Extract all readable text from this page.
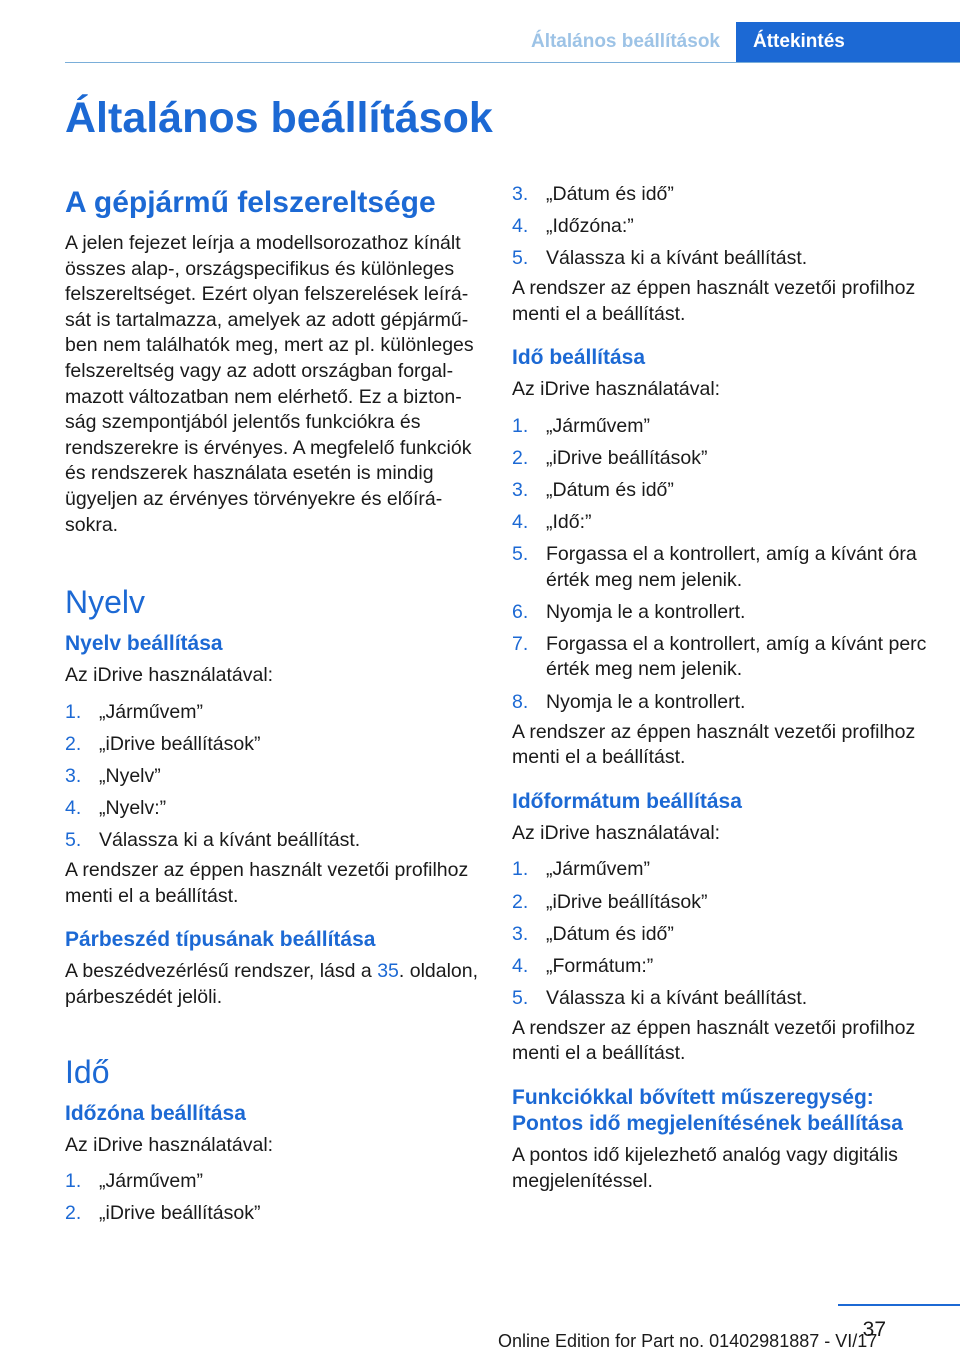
Általános beállítások Áttekintés
Általános beállítások
A gépjármű felszereltsége

A jelen fejezet leírja a modellsorozathoz kínált összes alap-, országspecifikus és különleges felszereltséget. Ezért olyan felszerelések leírását is tartalmazza, amelyek az adott gépjárműben nem találhatók meg, mert az pl. különleges felszereltség vagy az adott országban forgalmazott változatban nem elérhető. Ez a biztonság szempontjából jelentős funkciókra és rendszerekre is érvényes. A megfelelő funkciók és rendszerek használata esetén is mindig ügyeljen az érvényes törvényekre és előírásokra.

Nyelv
Nyelv beállítása

Az iDrive használatával:

1. „Járművem”
2. „iDrive beállítások”
3. „Nyelv”
4. „Nyelv:”
5. Válassza ki a kívánt beállítást.

A rendszer az éppen használt vezetői profilhoz menti el a beállítást.

Párbeszéd típusának beállítása

A beszédvezérlésű rendszer, lásd a 35. oldalon, párbeszédét jelöli.

Idő
Időzóna beállítása

Az iDrive használatával:

1. „Járművem”
2. „iDrive beállítások”
3. „Dátum és idő”
4. „Időzóna:”
5. Válassza ki a kívánt beállítást.

A rendszer az éppen használt vezetői profilhoz menti el a beállítást.

Idő beállítása

Az iDrive használatával:

1. „Járművem”
2. „iDrive beállítások”
3. „Dátum és idő”
4. „Idő:”
5. Forgassa el a kontrollert, amíg a kívánt óra érték meg nem jelenik.
6. Nyomja le a kontrollert.
7. Forgassa el a kontrollert, amíg a kívánt perc érték meg nem jelenik.
8. Nyomja le a kontrollert.

A rendszer az éppen használt vezetői profilhoz menti el a beállítást.

Időformátum beállítása

Az iDrive használatával:

1. „Járművem”
2. „iDrive beállítások”
3. „Dátum és idő”
4. „Formátum:”
5. Válassza ki a kívánt beállítást.

A rendszer az éppen használt vezetői profilhoz menti el a beállítást.

Funkciókkal bővített műszeregység: Pontos idő megjelenítésének beállítása

A pontos idő kijelezhető analóg vagy digitális megjelenítéssel.

37
Online Edition for Part no. 01402981887 - VI/17
